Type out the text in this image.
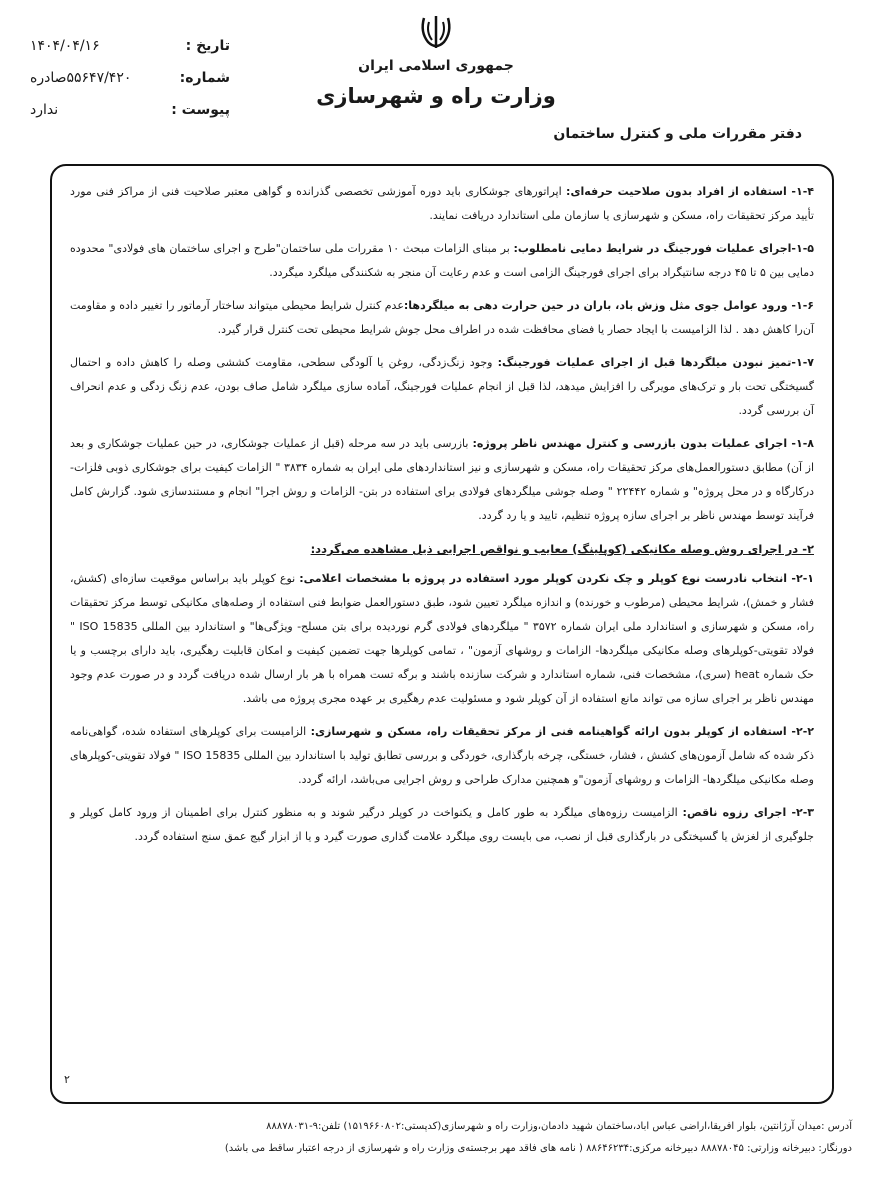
تاریخ :
۱۴۰۴/۰۴/۱۶
شماره:
۵۵۶۴۷/۴۲۰صادره
پیوست :
ندارد
جمهوری اسلامی ایران
وزارت راه و شهرسازی
دفتر مقررات ملی و کنترل ساختمان

۱-۴- استفاده از افراد بدون صلاحیت حرفه‌ای: اپراتورهای جوشکاری باید دوره آموزشی تخصصی گذرانده و گواهی معتبر صلاحیت فنی از مراکز فنی مورد تأیید مرکز تحقیقات راه، مسکن و شهرسازی یا سازمان ملی استاندارد دریافت نمایند.

۱-۵-اجرای عملیات فورجینگ در شرایط دمایی نامطلوب: بر مبنای الزامات مبحث ۱۰ مقررات ملی ساختمان"طرح و اجرای ساختمان های فولادی" محدوده دمایی بین ۵ تا ۴۵ درجه سانتیگراد برای اجرای فورجینگ الزامی است و عدم رعایت آن منجر به شکنندگی میلگرد میگردد.

۱-۶- ورود عوامل جوی مثل وزش باد، باران در حین حرارت دهی به میلگردها:عدم کنترل شرایط محیطی میتواند ساختار آرماتور را تغییر داده و مقاومت آن‌را کاهش دهد . لذا الزامیست با ایجاد حصار یا فضای محافظت شده در اطراف محل جوش شرایط محیطی تحت کنترل قرار گیرد.

۱-۷-تمیز نبودن میلگردها قبل از اجرای عملیات فورجینگ: وجود زنگ‌زدگی، روغن یا آلودگی سطحی، مقاومت کششی وصله را کاهش داده و احتمال گسیختگی تحت بار و ترک‌های مویرگی را افزایش میدهد، لذا قبل از انجام عملیات فورجینگ، آماده سازی میلگرد شامل صاف بودن، عدم زنگ زدگی و عدم انحراف آن بررسی گردد.

۱-۸- اجرای عملیات بدون بازرسی و کنترل مهندس ناظر پروژه: بازرسی باید در سه مرحله (قبل از عملیات جوشکاری، در حین عملیات جوشکاری و بعد از آن) مطابق دستورالعمل‌های مرکز تحقیقات راه، مسکن و شهرسازی و نیز استانداردهای ملی ایران به شماره ۳۸۳۴ " الزامات کیفیت برای جوشکاری ذوبی فلزات- درکارگاه و در محل پروژه" و شماره ۲۲۴۴۲ " وصله جوشی میلگردهای فولادی برای استفاده در بتن- الزامات و روش اجرا" انجام و مستندسازی شود. گزارش کامل فرآیند توسط مهندس ناظر بر اجرای سازه پروژه تنظیم، تایید و یا رد گردد.

۲- در اجرای روش وصله مکانیکی (کوپلینگ) معایب و نواقص اجرایی ذیل مشاهده می‌گردد:

۲-۱- انتخاب نادرست نوع کوپلر و چک نکردن کوپلر مورد استفاده در پروژه با مشخصات اعلامی: نوع کوپلر باید براساس موقعیت سازه‌ای (کشش، فشار و خمش)، شرایط محیطی (مرطوب و خورنده) و اندازه میلگرد تعیین شود، طبق دستورالعمل ضوابط فنی استفاده از وصله‌های مکانیکی توسط مرکز تحقیقات راه، مسکن و شهرسازی و استاندارد ملی ایران شماره ۳۵۷۲ " میلگردهای فولادی گرم نوردیده برای بتن مسلح- ویژگی‌ها" و استاندارد بین المللی ISO 15835 " فولاد تقویتی-کوپلرهای وصله مکانیکی میلگردها- الزامات و روشهای آزمون" ، تمامی کوپلرها جهت تضمین کیفیت و امکان قابلیت رهگیری، باید دارای برچسب و یا حک شماره heat (سری)، مشخصات فنی، شماره استاندارد و شرکت سازنده باشند و برگه تست همراه با هر بار ارسال شده دریافت گردد و در صورت عدم وجود مهندس ناظر بر اجرای سازه می تواند مانع استفاده از آن کوپلر شود و مسئولیت عدم رهگیری بر عهده مجری پروژه می باشد.

۲-۲- استفاده از کوپلر بدون ارائه گواهینامه فنی از مرکز تحقیقات راه، مسکن و شهرسازی: الزامیست برای کوپلرهای استفاده شده، گواهی‌نامه ذکر شده که شامل آزمون‌های کشش ، فشار، خستگی، چرخه بارگذاری، خوردگی و بررسی تطابق تولید با استاندارد بین المللی ISO 15835 " فولاد تقویتی-کوپلرهای وصله مکانیکی میلگردها- الزامات و روشهای آزمون"و همچنین مدارک طراحی و روش اجرایی می‌باشد، ارائه گردد.

۲-۳- اجرای رزوه ناقص: الزامیست رزوه‌های میلگرد به طور کامل و یکنواخت در کوپلر درگیر شوند و به منظور کنترل برای اطمینان از ورود کامل کوپلر و جلوگیری از لغزش یا گسیختگی در بارگذاری قبل از نصب، می بایست روی میلگرد علامت گذاری صورت گیرد و یا از ابزار گیج عمق سنج استفاده گردد.

۲
آدرس :میدان آرژانتین، بلوار افریقا،اراضی عباس اباد،ساختمان شهید دادمان،وزارت راه و شهرسازی(کدپستی:۱۵۱۹۶۶۰۸۰۲) تلفن:۹-۸۸۸۷۸۰۳۱
دورنگار: دبیرخانه وزارتی: ۸۸۸۷۸۰۴۵ دبیرخانه مرکزی:۸۸۶۴۶۲۳۴ ( نامه های فاقد مهر برجسته‌ی وزارت راه و شهرسازی از درجه اعتبار ساقط می باشد)
